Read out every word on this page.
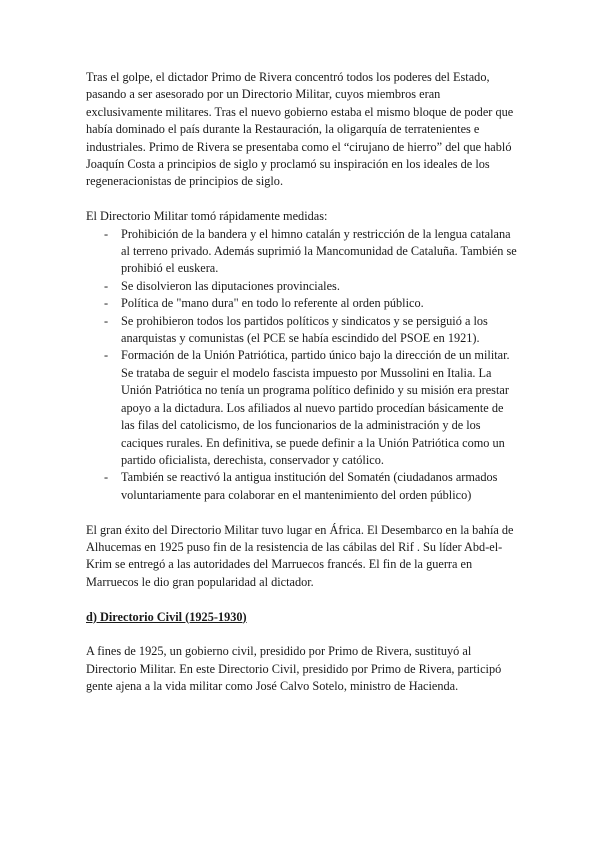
Tras el golpe, el dictador Primo de Rivera concentró todos los poderes del Estado, pasando a ser asesorado por un Directorio Militar, cuyos miembros eran exclusivamente militares. Tras el nuevo gobierno estaba el mismo bloque de poder que había dominado el país durante la Restauración, la oligarquía de terratenientes e industriales. Primo de Rivera se presentaba como el “cirujano de hierro” del que habló Joaquín Costa a principios de siglo y proclamó su inspiración en los ideales de los regeneracionistas de principios de siglo.

El Directorio Militar tomó rápidamente medidas:

- Prohibición de la bandera y el himno catalán y restricción de la lengua catalana al terreno privado. Además suprimió la Mancomunidad de Cataluña. También se prohibió el euskera.
- Se disolvieron las diputaciones provinciales.
- Política de "mano dura" en todo lo referente al orden público.
- Se prohibieron todos los partidos políticos y sindicatos y se persiguió a los anarquistas y comunistas (el PCE se había escindido del PSOE en 1921).
- Formación de la Unión Patriótica, partido único bajo la dirección de un militar. Se trataba de seguir el modelo fascista impuesto por Mussolini en Italia. La Unión Patriótica no tenía un programa político definido y su misión era prestar apoyo a la dictadura. Los afiliados al nuevo partido procedían básicamente de las filas del catolicismo, de los funcionarios de la administración y de los caciques rurales. En definitiva, se puede definir a la Unión Patriótica como un partido oficialista, derechista, conservador y católico.
- También se reactivó la antigua institución del Somatén (ciudadanos armados voluntariamente para colaborar en el mantenimiento del orden público)

El gran éxito del Directorio Militar tuvo lugar en África. El Desembarco en la bahía de Alhucemas en 1925 puso fin de la resistencia de las cábilas del Rif . Su líder Abd-el-Krim se entregó a las autoridades del Marruecos francés. El fin de la guerra en Marruecos le dio gran popularidad al dictador.

d) Directorio Civil (1925-1930)

A fines de 1925, un gobierno civil, presidido por Primo de Rivera, sustituyó al Directorio Militar. En este Directorio Civil, presidido por Primo de Rivera, participó gente ajena a la vida militar como José Calvo Sotelo, ministro de Hacienda.
